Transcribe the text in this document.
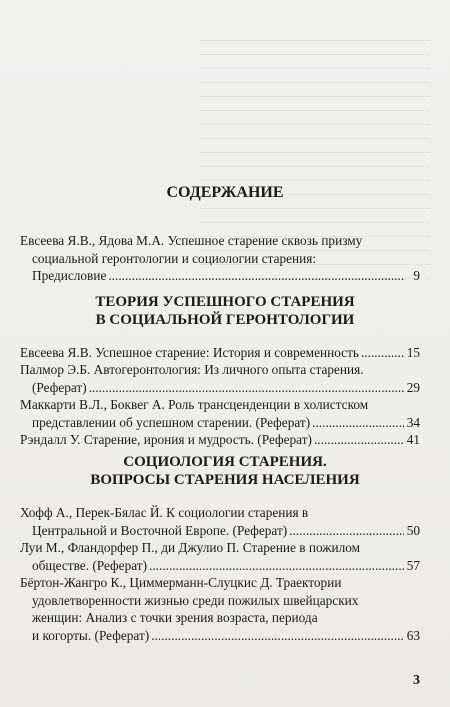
СОДЕРЖАНИЕ
Евсеева Я.В., Ядова М.А. Успешное старение сквозь призму
социальной геронтологии и социологии старения:
Предисловие .....	9
ТЕОРИЯ УСПЕШНОГО СТАРЕНИЯ
В СОЦИАЛЬНОЙ ГЕРОНТОЛОГИИ
Евсеева Я.В. Успешное старение: История и современность .....	15
Палмор Э.Б. Автогеронтология: Из личного опыта старения.
(Реферат) .....	29
Маккарти В.Л., Боквег А. Роль трансценденции в холистском
представлении об успешном старении. (Реферат) .....	34
Рэндалл У. Старение, ирония и мудрость. (Реферат) .....	41
СОЦИОЛОГИЯ СТАРЕНИЯ.
ВОПРОСЫ СТАРЕНИЯ НАСЕЛЕНИЯ
Хофф А., Перек-Бялас Й. К социологии старения в
Центральной и Восточной Европе. (Реферат) .....	50
Луи М., Фландорфер П., ди Джулио П. Старение в пожилом
обществе. (Реферат) .....	57
Бёртон-Жангро К., Циммерманн-Слуцкис Д. Траектории
удовлетворенности жизнью среди пожилых швейцарских
женщин: Анализ с точки зрения возраста, периода
и когорты. (Реферат) .....	63
3
